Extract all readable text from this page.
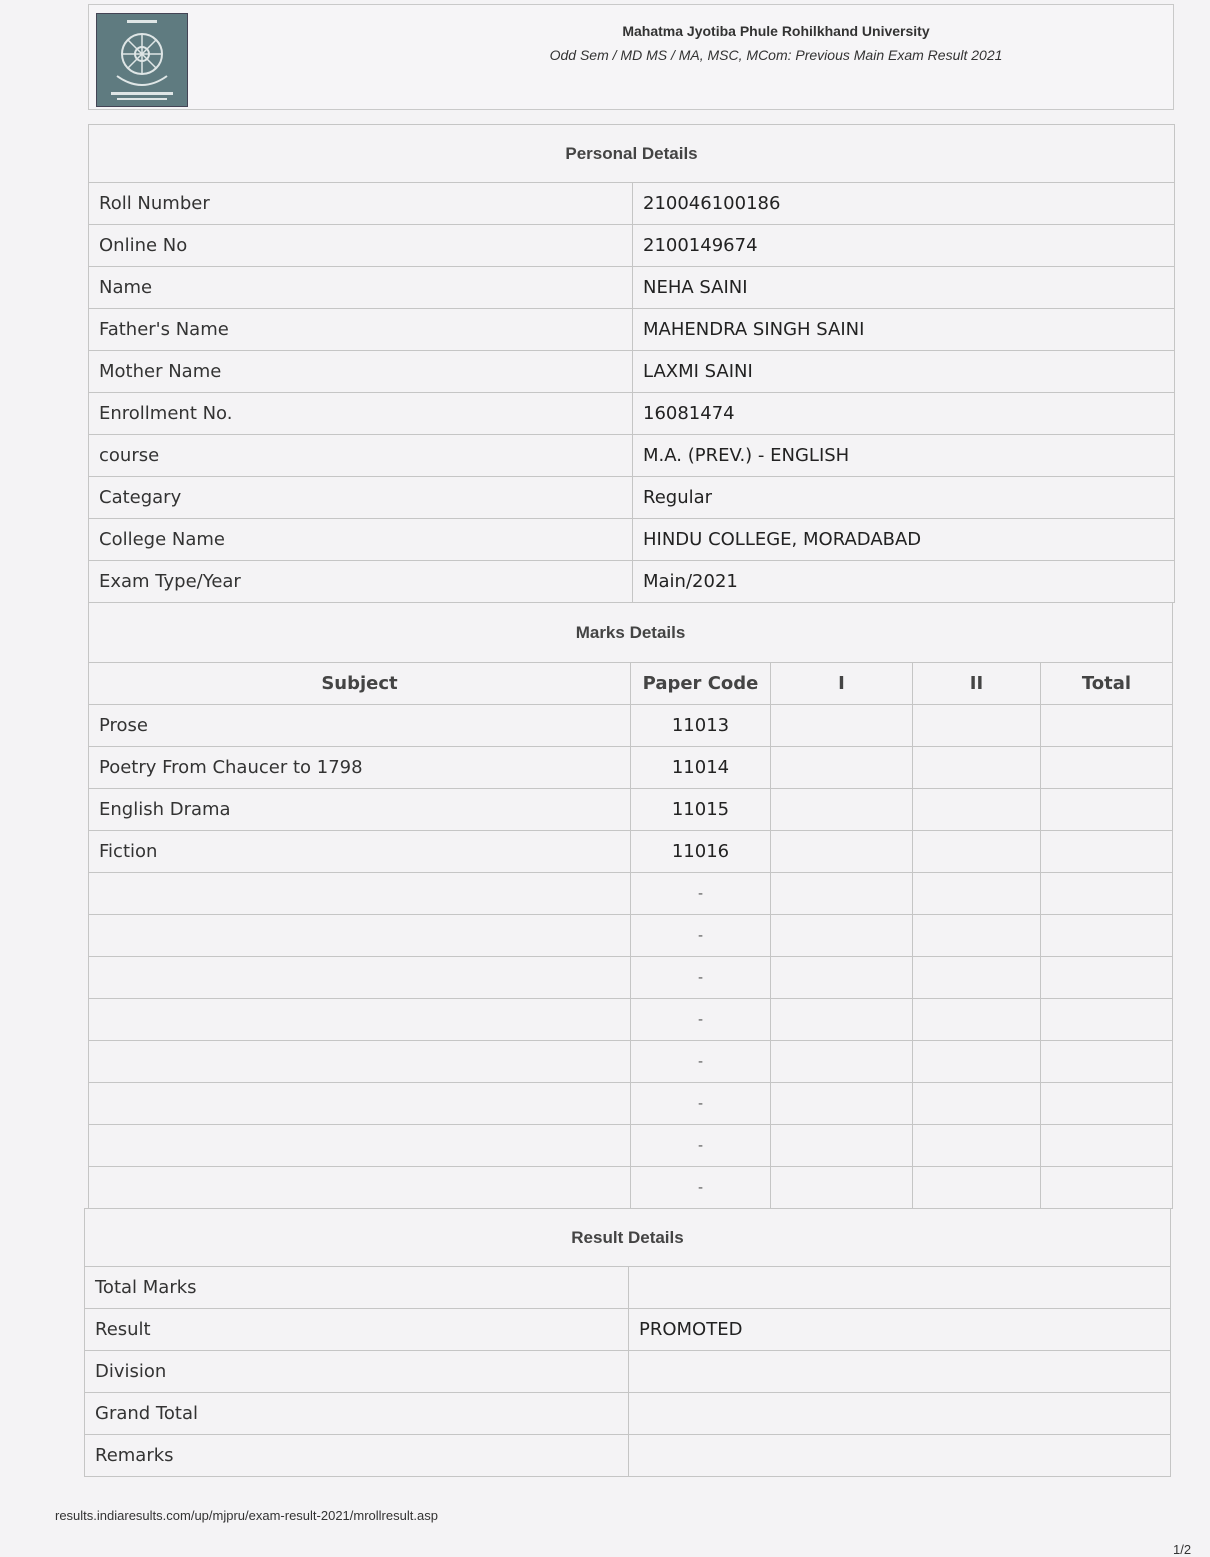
Mahatma Jyotiba Phule Rohilkhand University
Odd Sem / MD MS / MA, MSC, MCom: Previous Main Exam Result 2021
Personal Details	
Roll Number	210046100186
Online No	2100149674
Name	NEHA SAINI
Father's Name	MAHENDRA SINGH SAINI
Mother Name	LAXMI SAINI
Enrollment No.	16081474
course	M.A. (PREV.) - ENGLISH
Categary	Regular
College Name	HINDU COLLEGE, MORADABAD
Exam Type/Year	Main/2021
Marks Details				
Subject	Paper Code	I	II	Total
Prose	11013			
Poetry From Chaucer to 1798	11014			
English Drama	11015			
Fiction	11016			
	-			
	-			
	-			
	-			
	-			
	-			
	-			
	-			
Result Details	
Total Marks	
Result	PROMOTED
Division	
Grand Total	
Remarks	
results.indiaresults.com/up/mjpru/exam-result-2021/mrollresult.asp
1/2
